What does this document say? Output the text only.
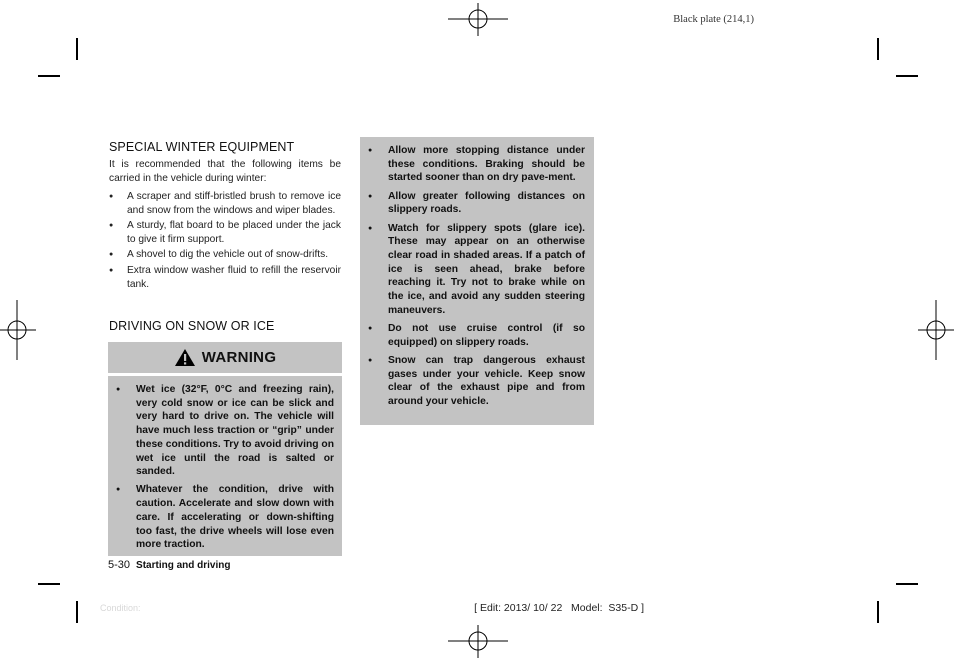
Black plate (214,1)
SPECIAL WINTER EQUIPMENT
It is recommended that the following items be carried in the vehicle during winter:
● A scraper and stiff-bristled brush to remove ice and snow from the windows and wiper blades.
● A sturdy, flat board to be placed under the jack to give it firm support.
● A shovel to dig the vehicle out of snow-drifts.
● Extra window washer fluid to refill the reservoir tank.
DRIVING ON SNOW OR ICE
WARNING
● Wet ice (32°F, 0°C and freezing rain), very cold snow or ice can be slick and very hard to drive on. The vehicle will have much less traction or “grip” under these conditions. Try to avoid driving on wet ice until the road is salted or sanded.
● Whatever the condition, drive with caution. Accelerate and slow down with care. If accelerating or down-shifting too fast, the drive wheels will lose even more traction.
● Allow more stopping distance under these conditions. Braking should be started sooner than on dry pave-ment.
● Allow greater following distances on slippery roads.
● Watch for slippery spots (glare ice). These may appear on an otherwise clear road in shaded areas. If a patch of ice is seen ahead, brake before reaching it. Try not to brake while on the ice, and avoid any sudden steering maneuvers.
● Do not use cruise control (if so equipped) on slippery roads.
● Snow can trap dangerous exhaust gases under your vehicle. Keep snow clear of the exhaust pipe and from around your vehicle.
5-30 Starting and driving
Condition:	[ Edit: 2013/ 10/ 22   Model:  S35-D ]
